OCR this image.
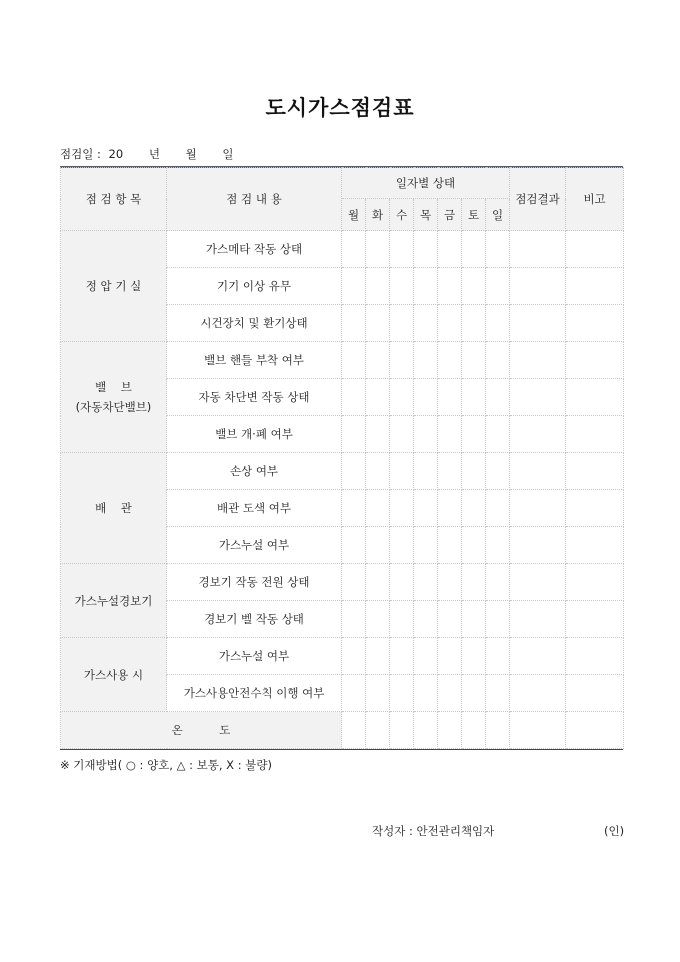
도시가스점검표
점검일 : 20 년 월 일
점 검 항 목	점 검 내 용	일자별 상태							점검결과	비고
		월	화	수	목	금	토	일		

정 압 기 실	가스메타 작동 상태									
	기기 이상 유무									
	시건장치 및 환기상태									

밸    브
(자동차단밸브)	밸브 핸들 부착 여부									
	자동 차단변 작동 상태									
	밸브 개·폐 여부									

배    관	손상 여부									
	배관 도색 여부									
	가스누설 여부									

가스누설경보기	경보기 작동 전원 상태									
	경보기 벨 작동 상태									

가스사용 시	가스누설 여부									
	가스사용안전수칙 이행 여부									
온          도										
※ 기재방법( ○ : 양호, △ : 보통, X : 불량)
작성자 : 안전관리책임자	(인)
